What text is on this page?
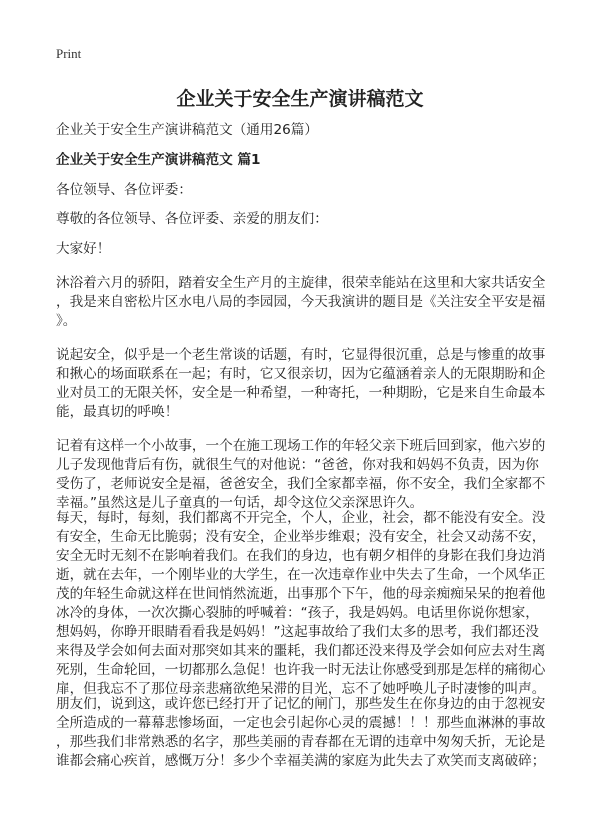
Print
企业关于安全生产演讲稿范文
企业关于安全生产演讲稿范文（通用26篇）
企业关于安全生产演讲稿范文 篇1
各位领导、各位评委：
尊敬的各位领导、各位评委、亲爱的朋友们：
大家好！
沐浴着六月的骄阳，踏着安全生产月的主旋律，很荣幸能站在这里和大家共话安全
，我是来自密松片区水电八局的李园园，今天我演讲的题目是《关注安全平安是福
》。
说起安全，似乎是一个老生常谈的话题，有时，它显得很沉重，总是与惨重的故事
和揪心的场面联系在一起；有时，它又很亲切，因为它蕴涵着亲人的无限期盼和企
业对员工的无限关怀，安全是一种希望，一种寄托，一种期盼，它是来自生命最本
能，最真切的呼唤！
记着有这样一个小故事，一个在施工现场工作的年轻父亲下班后回到家，他六岁的
儿子发现他背后有伤，就很生气的对他说：“爸爸，你对我和妈妈不负责，因为你
受伤了，老师说安全是福，爸爸安全，我们全家都幸福，你不安全，我们全家都不
幸福。”虽然这是儿子童真的一句话，却令这位父亲深思许久。
每天，每时，每刻，我们都离不开完全，个人，企业，社会，都不能没有安全。没
有安全，生命无比脆弱；没有安全，企业举步维艰；没有安全，社会又动荡不安，
安全无时无刻不在影响着我们。在我们的身边，也有朝夕相伴的身影在我们身边消
逝，就在去年，一个刚毕业的大学生，在一次违章作业中失去了生命，一个风华正
茂的年轻生命就这样在世间悄然流逝，出事那个下午，他的母亲痴痴呆呆的抱着他
冰冷的身体，一次次撕心裂肺的呼喊着：“孩子，我是妈妈。电话里你说你想家，
想妈妈，你睁开眼睛看看我是妈妈！”这起事故给了我们太多的思考，我们都还没
来得及学会如何去面对那突如其来的噩耗，我们都还没来得及学会如何应去对生离
死别，生命轮回，一切都那么急促！也许我一时无法让你感受到那是怎样的痛彻心
扉，但我忘不了那位母亲悲痛欲绝呆滞的目光，忘不了她呼唤儿子时凄惨的叫声。
朋友们，说到这，或许您已经打开了记忆的闸门，那些发生在你身边的由于忽视安
全所造成的一幕幕悲惨场面，一定也会引起你心灵的震撼！！！那些血淋淋的事故
，那些我们非常熟悉的名字，那些美丽的青春都在无谓的违章中匆匆夭折，无论是
谁都会痛心疾首，感慨万分！多少个幸福美满的家庭为此失去了欢笑而支离破碎；
